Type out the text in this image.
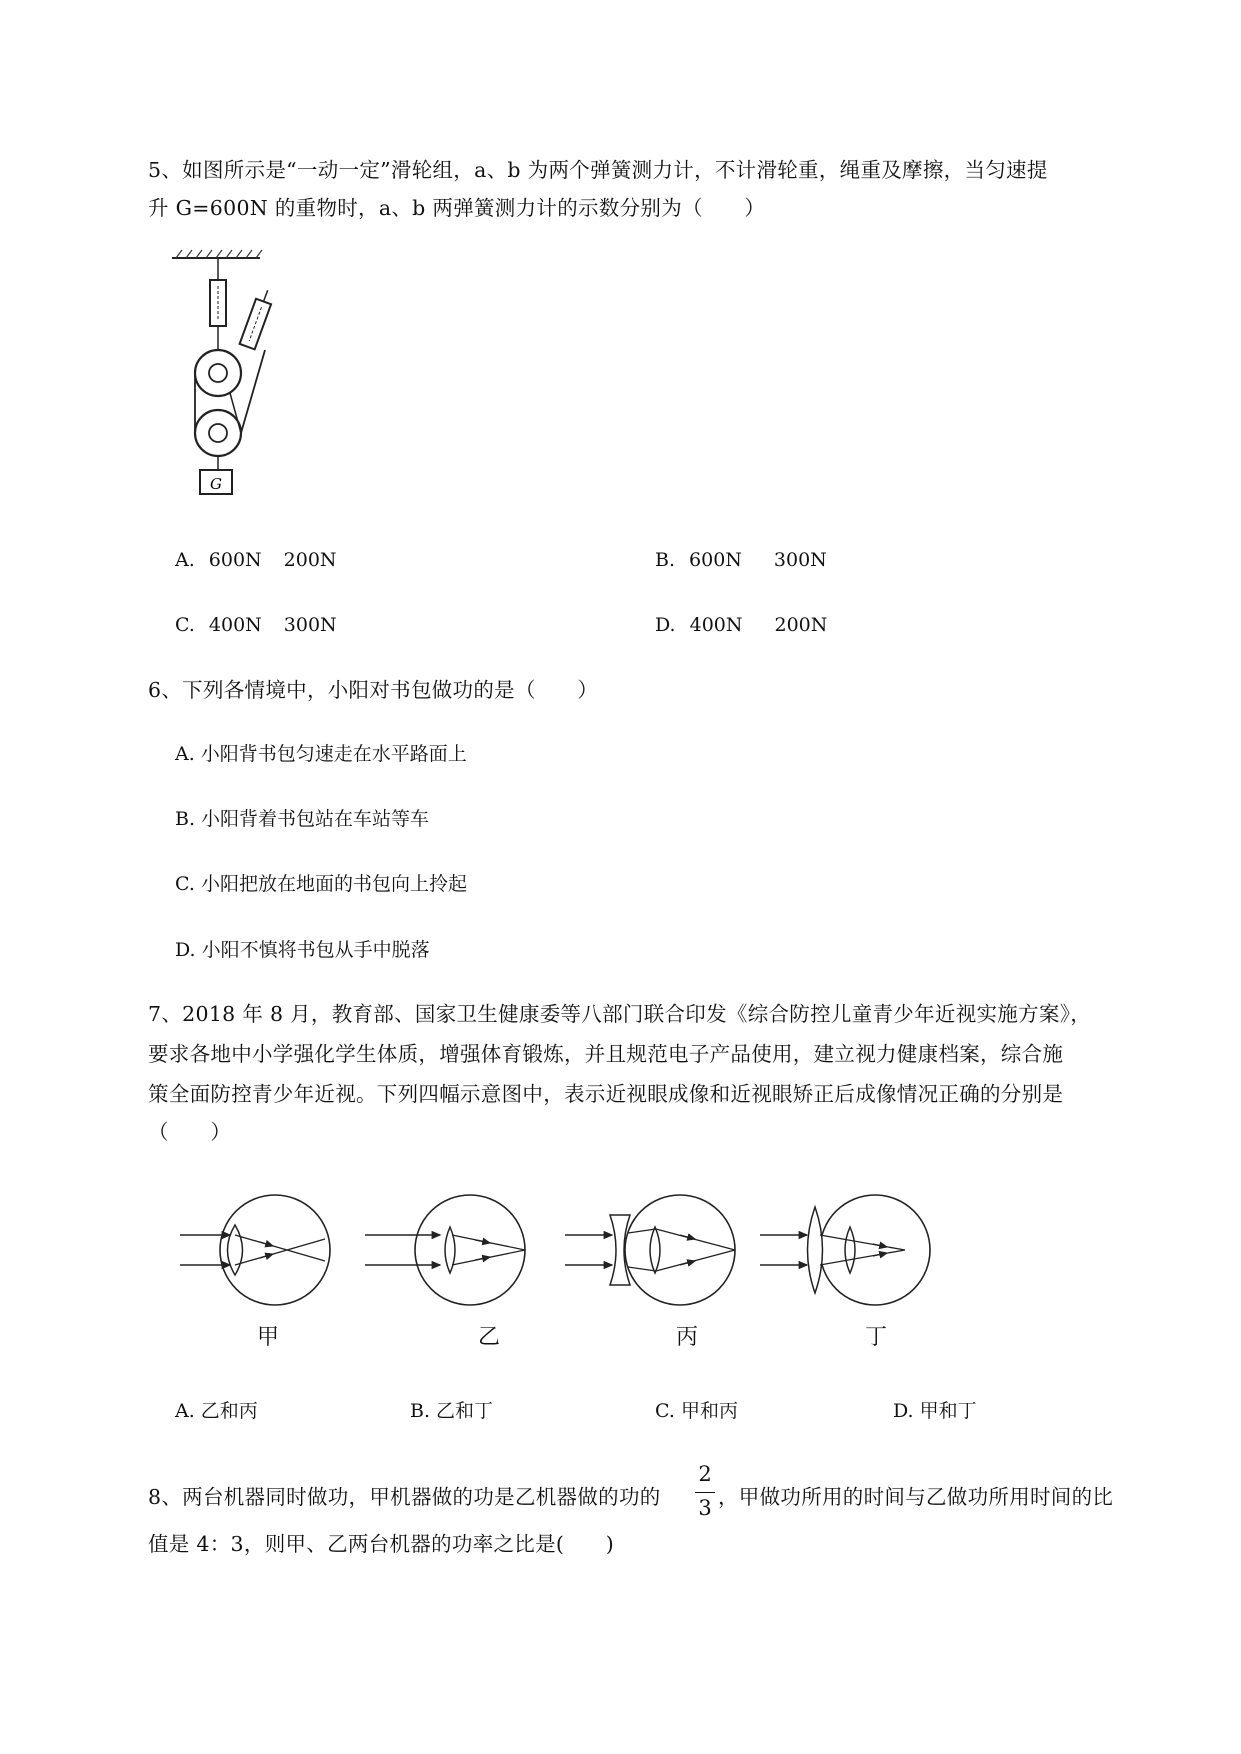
5、如图所示是“一动一定”滑轮组，a、b 为两个弹簧测力计，不计滑轮重，绳重及摩擦，当匀速提
升 G=600N 的重物时，a、b 两弹簧测力计的示数分别为（　　）
G
A. 600N 200N	B. 600N 300N
C. 400N 300N	D. 400N 200N
6、下列各情境中，小阳对书包做功的是（　　）
A. 小阳背书包匀速走在水平路面上
B. 小阳背着书包站在车站等车
C. 小阳把放在地面的书包向上拎起
D. 小阳不慎将书包从手中脱落
7、2018 年 8 月，教育部、国家卫生健康委等八部门联合印发《综合防控儿童青少年近视实施方案》，
要求各地中小学强化学生体质，增强体育锻炼，并且规范电子产品使用，建立视力健康档案，综合施
策全面防控青少年近视。下列四幅示意图中，表示近视眼成像和近视眼矫正后成像情况正确的分别是
（　　）
甲	乙	丙	丁
A. 乙和丙	B. 乙和丁	C. 甲和丙	D. 甲和丁
8、两台机器同时做功，甲机器做的功是乙机器做的功的
2
3 ，甲做功所用的时间与乙做功所用时间的比
值是 4：3，则甲、乙两台机器的功率之比是(　　)
